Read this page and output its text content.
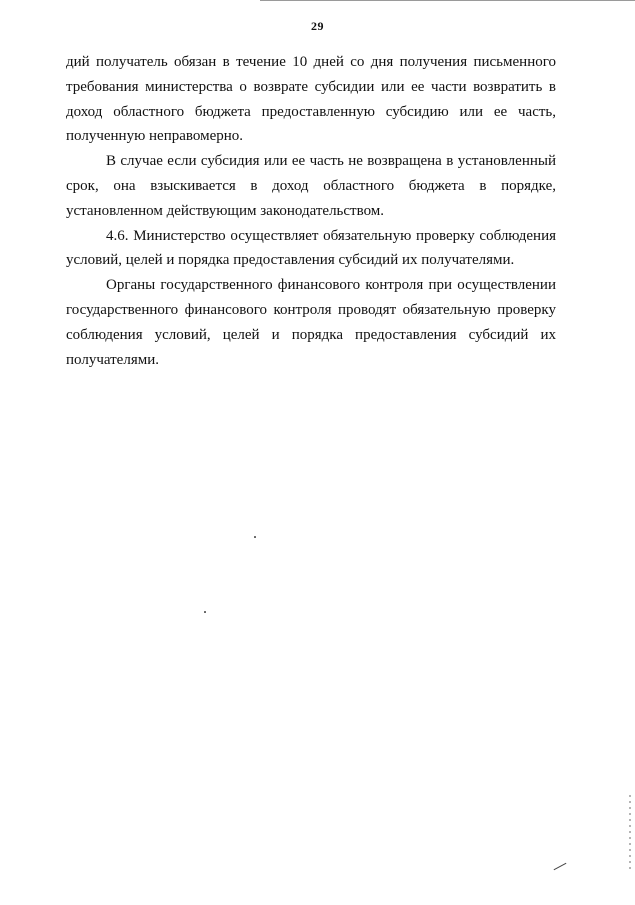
29

дий получатель обязан в течение 10 дней со дня получения письменного требования министерства о возврате субсидии или ее части возвратить в доход областного бюджета предоставленную субсидию или ее часть, полученную неправомерно.

В случае если субсидия или ее часть не возвращена в установленный срок, она взыскивается в доход областного бюджета в порядке, установленном действующим законодательством.

4.6. Министерство осуществляет обязательную проверку соблюдения условий, целей и порядка предоставления субсидий их получателями.

Органы государственного финансового контроля при осуществлении государственного финансового контроля проводят обязательную проверку соблюдения условий, целей и порядка предоставления субсидий их получателями.
